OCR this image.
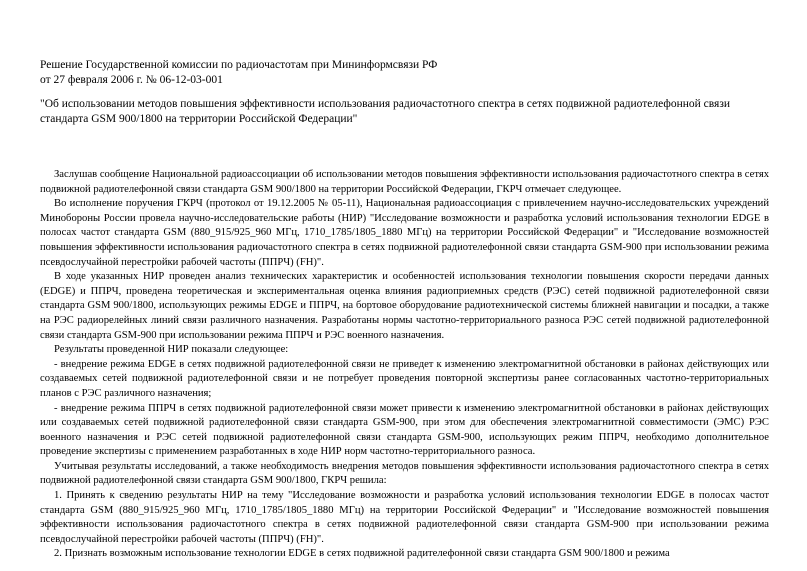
Решение Государственной комиссии по радиочастотам при Мининформсвязи РФ
от 27 февраля 2006 г. № 06-12-03-001
"Об использовании методов повышения эффективности использования радиочастотного спектра в сетях подвижной радиотелефонной связи стандарта GSM 900/1800 на территории Российской Федерации"

Заслушав сообщение Национальной радиоассоциации об использовании методов повышения эффективности использования радиочастотного спектра в сетях подвижной радиотелефонной связи стандарта GSM 900/1800 на территории Российской Федерации, ГКРЧ отмечает следующее.

Во исполнение поручения ГКРЧ (протокол от 19.12.2005 № 05-11), Национальная радиоассоциация с привлечением научно-исследовательских учреждений Минобороны России провела научно-исследовательские работы (НИР) "Исследование возможности и разработка условий использования технологии EDGE в полосах частот стандарта GSM (880_915/925_960 МГц, 1710_1785/1805_1880 МГц) на территории Российской Федерации" и "Исследование возможностей повышения эффективности использования радиочастотного спектра в сетях подвижной радиотелефонной связи стандарта GSM-900 при использовании режима псевдослучайной перестройки рабочей частоты (ППРЧ) (FH)".

В ходе указанных НИР проведен анализ технических характеристик и особенностей использования технологии повышения скорости передачи данных (EDGE) и ППРЧ, проведена теоретическая и экспериментальная оценка влияния радиоприемных средств (РЭС) сетей подвижной радиотелефонной связи стандарта GSM 900/1800, использующих режимы EDGE и ППРЧ, на бортовое оборудование радиотехнической системы ближней навигации и посадки, а также на РЭС радиорелейных линий связи различного назначения. Разработаны нормы частотно-территориального разноса РЭС сетей подвижной радиотелефонной связи стандарта GSM-900 при использовании режима ППРЧ и РЭС военного назначения.

Результаты проведенной НИР показали следующее:

- внедрение режима EDGE в сетях подвижной радиотелефонной связи не приведет к изменению электромагнитной обстановки в районах действующих или создаваемых сетей подвижной радиотелефонной связи и не потребует проведения повторной экспертизы ранее согласованных частотно-территориальных планов с РЭС различного назначения;

- внедрение режима ППРЧ в сетях подвижной радиотелефонной связи может привести к изменению электромагнитной обстановки в районах действующих или создаваемых сетей подвижной радиотелефонной связи стандарта GSM-900, при этом для обеспечения электромагнитной совместимости (ЭМС) РЭС военного назначения и РЭС сетей подвижной радиотелефонной связи стандарта GSM-900, использующих режим ППРЧ, необходимо дополнительное проведение экспертизы с применением разработанных в ходе НИР норм частотно-территориального разноса.

Учитывая результаты исследований, а также необходимость внедрения методов повышения эффективности использования радиочастотного спектра в сетях подвижной радиотелефонной связи стандарта GSM 900/1800, ГКРЧ решила:

1. Принять к сведению результаты НИР на тему "Исследование возможности и разработка условий использования технологии EDGE в полосах частот стандарта GSM (880_915/925_960 МГц, 1710_1785/1805_1880 МГц) на территории Российской Федерации" и "Исследование возможностей повышения эффективности использования радиочастотного спектра в сетях подвижной радиотелефонной связи стандарта GSM-900 при использовании режима псевдослучайной перестройки рабочей частоты (ППРЧ) (FH)".

2. Признать возможным использование технологии EDGE в сетях подвижной радителефонной связи стандарта GSM 900/1800 и режима
